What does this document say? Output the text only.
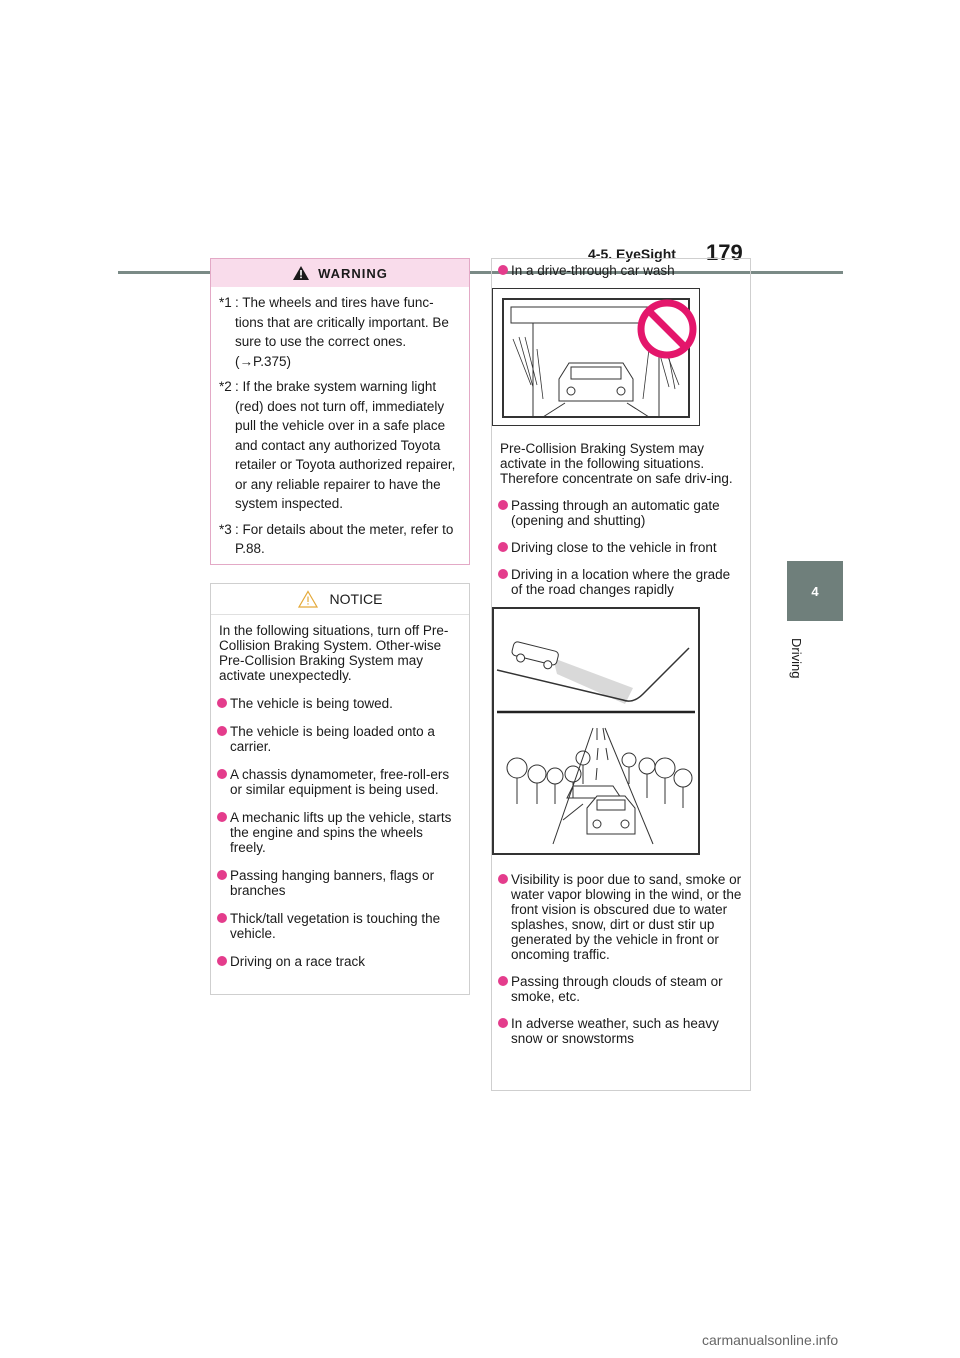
4-5. EyeSight 179
4
Driving
WARNING
*1 : The wheels and tires have func-tions that are critically important. Be sure to use the correct ones. (→P.375)
*2 : If the brake system warning light (red) does not turn off, immediately pull the vehicle over in a safe place and contact any authorized Toyota retailer or Toyota authorized repairer, or any reliable repairer to have the system inspected.
*3 : For details about the meter, refer to P.88.
NOTICE
In the following situations, turn off Pre-Collision Braking System. Other-wise Pre-Collision Braking System may activate unexpectedly.
The vehicle is being towed.
The vehicle is being loaded onto a carrier.
A chassis dynamometer, free-roll-ers or similar equipment is being used.
A mechanic lifts up the vehicle, starts the engine and spins the wheels freely.
Passing hanging banners, flags or branches
Thick/tall vegetation is touching the vehicle.
Driving on a race track
In a drive-through car wash
Pre-Collision Braking System may activate in the following situations. Therefore concentrate on safe driv-ing.
Passing through an automatic gate (opening and shutting)
Driving close to the vehicle in front
Driving in a location where the grade of the road changes rapidly
Visibility is poor due to sand, smoke or water vapor blowing in the wind, or the front vision is obscured due to water splashes, snow, dirt or dust stir up generated by the vehicle in front or oncoming traffic.
Passing through clouds of steam or smoke, etc.
In adverse weather, such as heavy snow or snowstorms
carmanualsonline.info
